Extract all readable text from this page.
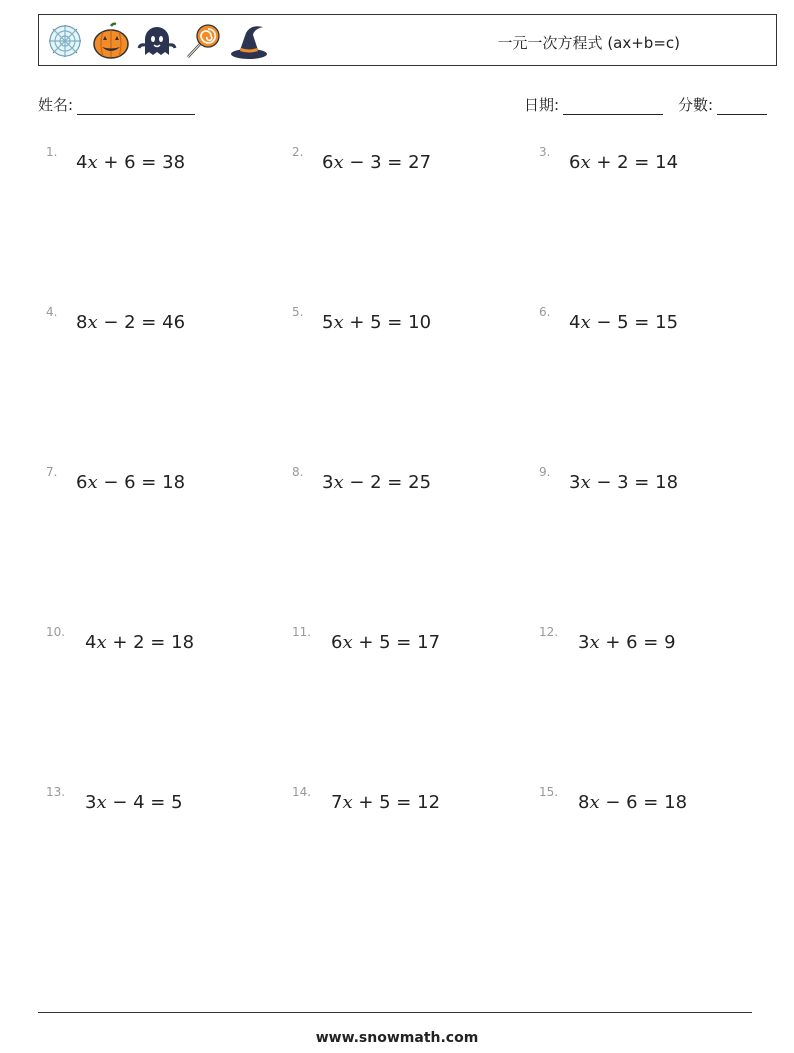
一元一次方程式 (ax+b=c)
姓名:	日期:	分數:
1. 4x + 6 = 38	2. 6x − 3 = 27	3. 6x + 2 = 14
4. 8x − 2 = 46	5. 5x + 5 = 10	6. 4x − 5 = 15
7. 6x − 6 = 18	8. 3x − 2 = 25	9. 3x − 3 = 18
10. 4x + 2 = 18	11. 6x + 5 = 17	12. 3x + 6 = 9
13. 3x − 4 = 5	14. 7x + 5 = 12	15. 8x − 6 = 18
www.snowmath.com
